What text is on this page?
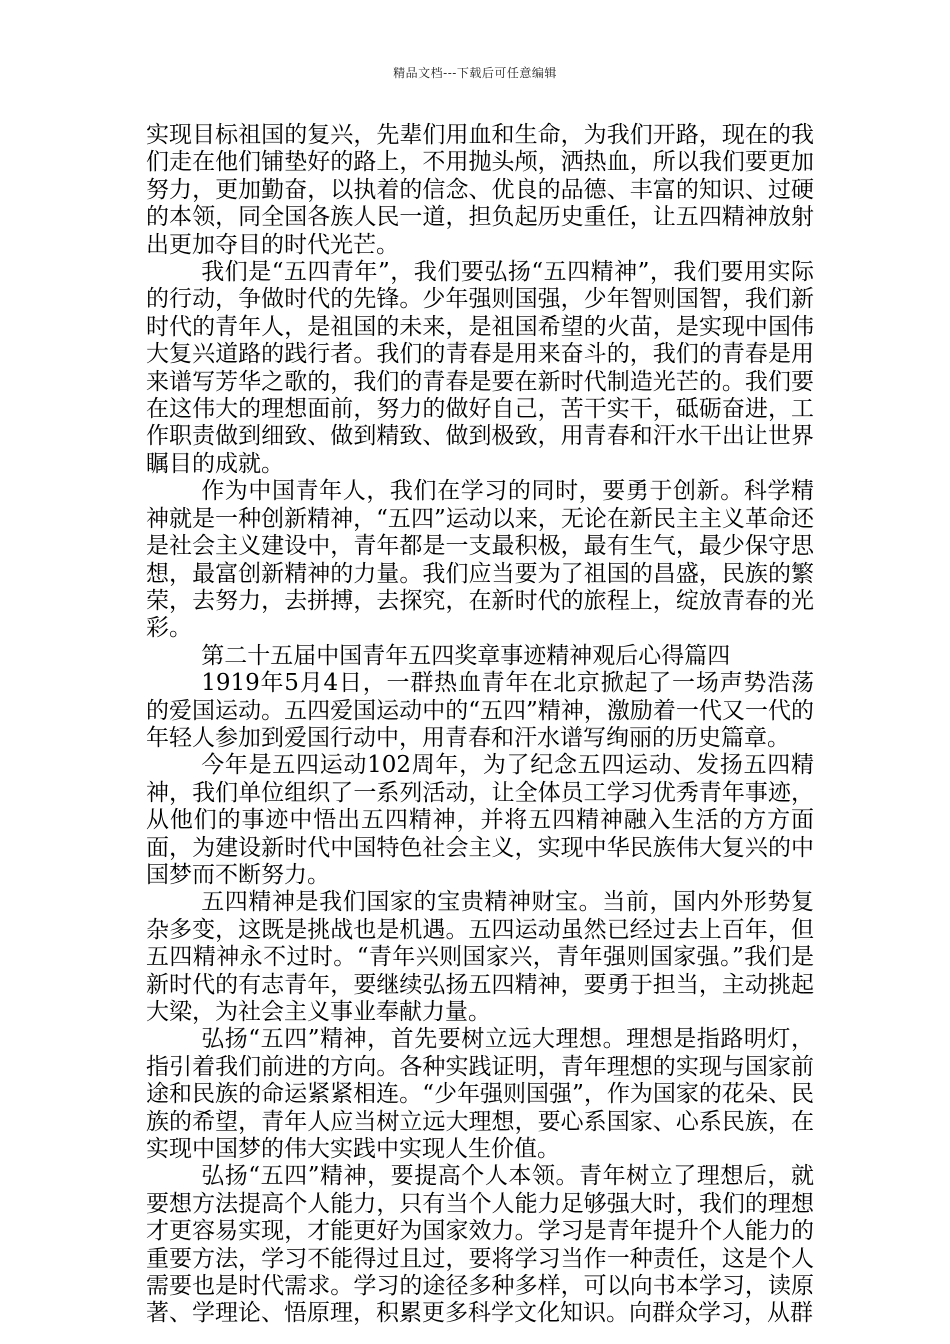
精品文档---下载后可任意编辑

实现目标祖国的复兴，先辈们用血和生命，为我们开路，现在的我们走在他们铺垫好的路上，不用抛头颅，洒热血，所以我们要更加努力，更加勤奋，以执着的信念、优良的品德、丰富的知识、过硬的本领，同全国各族人民一道，担负起历史重任，让五四精神放射出更加夺目的时代光芒。

我们是“五四青年”，我们要弘扬“五四精神”，我们要用实际的行动，争做时代的先锋。少年强则国强，少年智则国智，我们新时代的青年人，是祖国的未来，是祖国希望的火苗，是实现中国伟大复兴道路的践行者。我们的青春是用来奋斗的，我们的青春是用来谱写芳华之歌的，我们的青春是要在新时代制造光芒的。我们要在这伟大的理想面前，努力的做好自己，苦干实干，砥砺奋进，工作职责做到细致、做到精致、做到极致，用青春和汗水干出让世界瞩目的成就。

作为中国青年人，我们在学习的同时，要勇于创新。科学精神就是一种创新精神，“五四”运动以来，无论在新民主主义革命还是社会主义建设中，青年都是一支最积极，最有生气，最少保守思想，最富创新精神的力量。我们应当要为了祖国的昌盛，民族的繁荣，去努力，去拼搏，去探究，在新时代的旅程上，绽放青春的光彩。

第二十五届中国青年五四奖章事迹精神观后心得篇四

1919年5月4日，一群热血青年在北京掀起了一场声势浩荡的爱国运动。五四爱国运动中的“五四”精神，激励着一代又一代的年轻人参加到爱国行动中，用青春和汗水谱写绚丽的历史篇章。

今年是五四运动102周年，为了纪念五四运动、发扬五四精神，我们单位组织了一系列活动，让全体员工学习优秀青年事迹，从他们的事迹中悟出五四精神，并将五四精神融入生活的方方面面，为建设新时代中国特色社会主义，实现中华民族伟大复兴的中国梦而不断努力。

五四精神是我们国家的宝贵精神财宝。当前，国内外形势复杂多变，这既是挑战也是机遇。五四运动虽然已经过去上百年，但五四精神永不过时。“青年兴则国家兴，青年强则国家强。”我们是新时代的有志青年，要继续弘扬五四精神，要勇于担当，主动挑起大梁，为社会主义事业奉献力量。

弘扬“五四”精神，首先要树立远大理想。理想是指路明灯，指引着我们前进的方向。各种实践证明，青年理想的实现与国家前途和民族的命运紧紧相连。“少年强则国强”，作为国家的花朵、民族的希望，青年人应当树立远大理想，要心系国家、心系民族，在实现中国梦的伟大实践中实现人生价值。

弘扬“五四”精神，要提高个人本领。青年树立了理想后，就要想方法提高个人能力，只有当个人能力足够强大时，我们的理想才更容易实现，才能更好为国家效力。学习是青年提升个人能力的重要方法，学习不能得过且过，要将学习当作一种责任，这是个人需要也是时代需求。学习的途径多种多样，可以向书本学习，读原著、学理论、悟原理，积累更多科学文化知识。向群众学习，从群
